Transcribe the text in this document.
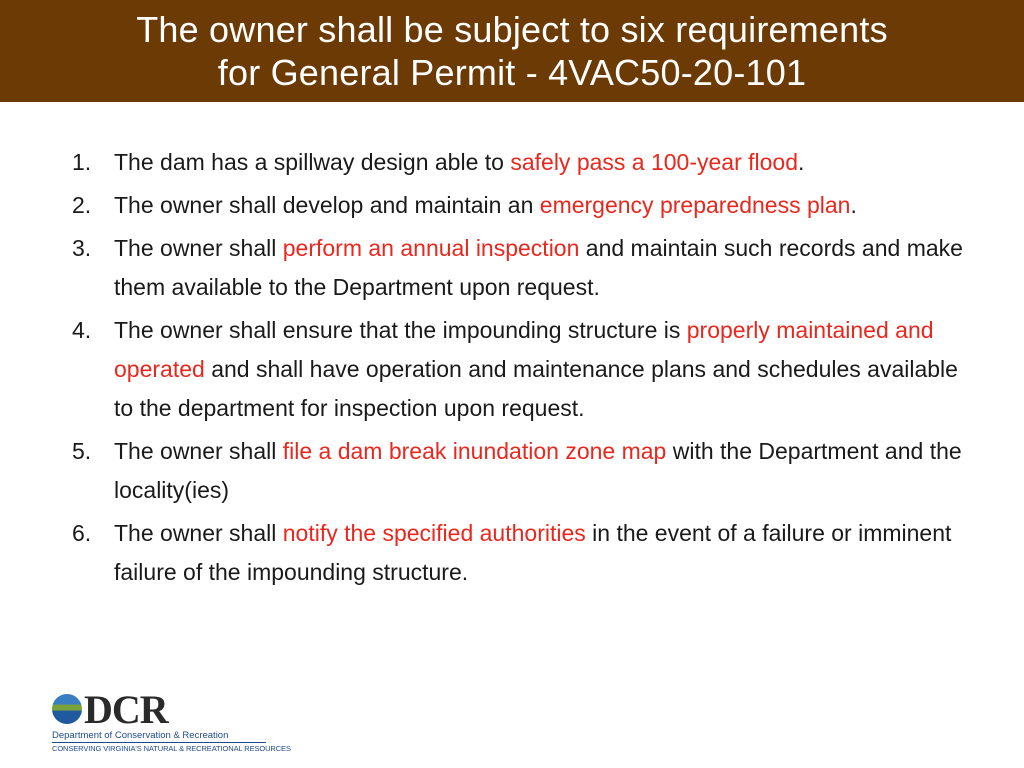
The owner shall be subject to six requirements
for General Permit - 4VAC50-20-101
1. The dam has a spillway design able to safely pass a 100-year flood.
2. The owner shall develop and maintain an emergency preparedness plan.
3. The owner shall perform an annual inspection and maintain such records and make them available to the Department upon request.
4. The owner shall ensure that the impounding structure is properly maintained and operated and shall have operation and maintenance plans and schedules available to the department for inspection upon request.
5. The owner shall file a dam break inundation zone map with the Department and the locality(ies)
6. The owner shall notify the specified authorities in the event of a failure or imminent failure of the impounding structure.
DCR
Department of Conservation & Recreation
CONSERVING VIRGINIA'S NATURAL & RECREATIONAL RESOURCES
